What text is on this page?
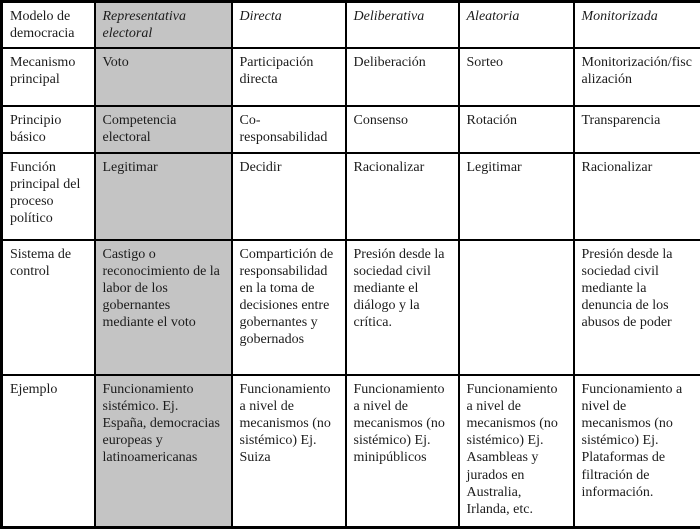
Modelo de democracia	Representativa electoral	Directa	Deliberativa	Aleatoria	Monitorizada
Mecanismo principal	Voto	Participación directa	Deliberación	Sorteo	Monitorización/fiscalización
Principio básico	Competencia electoral	Co-responsabilidad	Consenso	Rotación	Transparencia
Función principal del proceso político	Legitimar	Decidir	Racionalizar	Legitimar	Racionalizar
Sistema de control	Castigo o reconocimiento de la labor de los gobernantes mediante el voto	Compartición de responsabilidad en la toma de decisiones entre gobernantes y gobernados	Presión desde la sociedad civil mediante el diálogo y la crítica.		Presión desde la sociedad civil mediante la denuncia de los abusos de poder
Ejemplo	Funcionamiento sistémico. Ej. España, democracias europeas y latinoamericanas	Funcionamiento a nivel de mecanismos (no sistémico) Ej. Suiza	Funcionamiento a nivel de mecanismos (no sistémico) Ej. minipúblicos	Funcionamiento a nivel de mecanismos (no sistémico) Ej. Asambleas y jurados en Australia, Irlanda, etc.	Funcionamiento a nivel de mecanismos (no sistémico) Ej. Plataformas de filtración de información.
